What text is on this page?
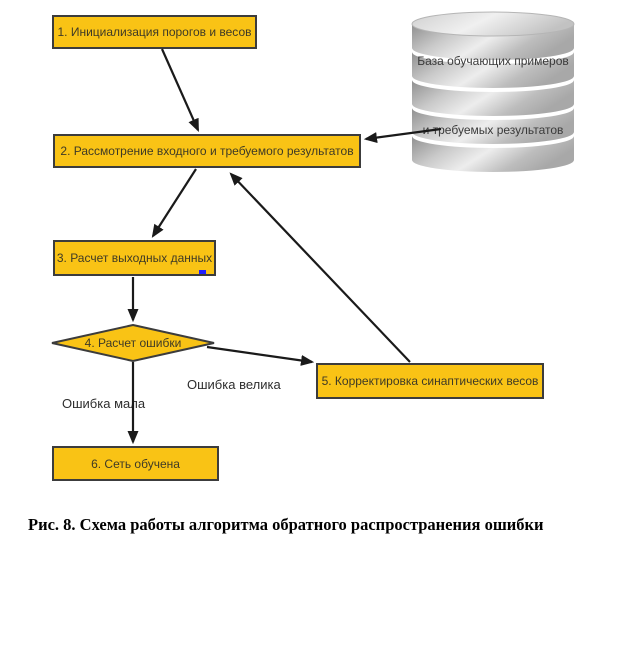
База обучающих примеров
и требуемых результатов
1. Инициализация порогов и весов
2. Рассмотрение входного и требуемого результатов
3. Расчет выходных данных
5. Корректировка синаптических весов
6. Сеть обучена
4. Расчет ошибки
Ошибка мала
Ошибка велика
Рис. 8. Схема работы алгоритма обратного распространения ошибки
